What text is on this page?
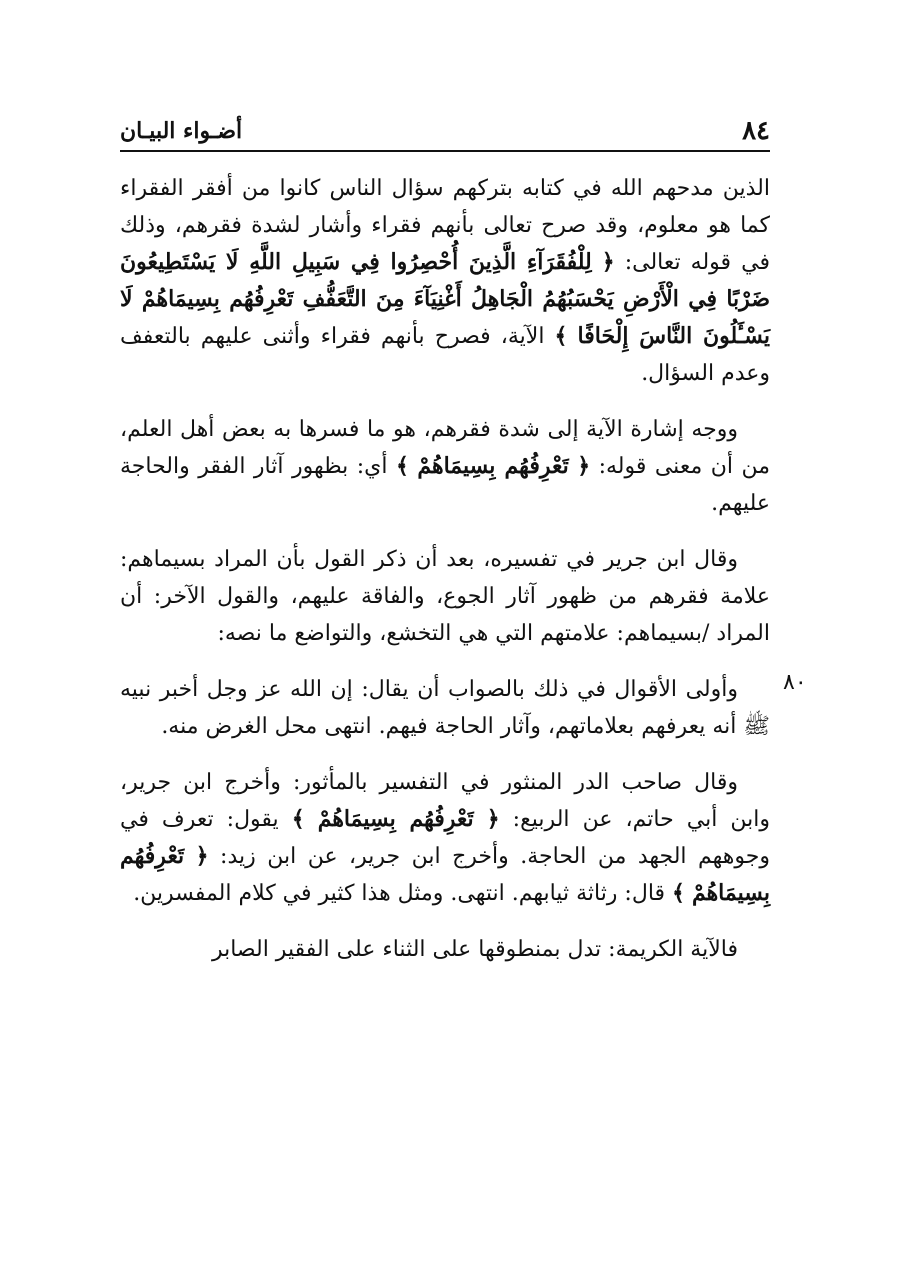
٨٤
أضـواء البيـان
٨٠

الذين مدحهم الله في كتابه بتركهم سؤال الناس كانوا من أفقر الفقراء كما هو معلوم، وقد صرح تعالى بأنهم فقراء وأشار لشدة فقرهم، وذلك في قوله تعالى: ﴿ لِلْفُقَرَآءِ الَّذِينَ أُحْصِرُوا فِي سَبِيلِ اللَّهِ لَا يَسْتَطِيعُونَ ضَرْبًا فِي الْأَرْضِ يَحْسَبُهُمُ الْجَاهِلُ أَغْنِيَآءَ مِنَ التَّعَفُّفِ تَعْرِفُهُم بِسِيمَاهُمْ لَا يَسْـَٔلُونَ النَّاسَ إِلْحَافًا ﴾ الآية، فصرح بأنهم فقراء وأثنى عليهم بالتعفف وعدم السؤال.

ووجه إشارة الآية إلى شدة فقرهم، هو ما فسرها به بعض أهل العلم، من أن معنى قوله: ﴿ تَعْرِفُهُم بِسِيمَاهُمْ ﴾ أي: بظهور آثار الفقر والحاجة عليهم.

وقال ابن جرير في تفسيره، بعد أن ذكر القول بأن المراد بسيماهم: علامة فقرهم من ظهور آثار الجوع، والفاقة عليهم، والقول الآخر: أن المراد /بسيماهم: علامتهم التي هي التخشع، والتواضع ما نصه:

وأولى الأقوال في ذلك بالصواب أن يقال: إن الله عز وجل أخبر نبيه ﷺ أنه يعرفهم بعلاماتهم، وآثار الحاجة فيهم. انتهى محل الغرض منه.

وقال صاحب الدر المنثور في التفسير بالمأثور: وأخرج ابن جرير، وابن أبي حاتم، عن الربيع: ﴿ تَعْرِفُهُم بِسِيمَاهُمْ ﴾ يقول: تعرف في وجوههم الجهد من الحاجة. وأخرج ابن جرير، عن ابن زيد: ﴿ تَعْرِفُهُم بِسِيمَاهُمْ ﴾ قال: رثاثة ثيابهم. انتهى. ومثل هذا كثير في كلام المفسرين.

فالآية الكريمة: تدل بمنطوقها على الثناء على الفقير الصابر
